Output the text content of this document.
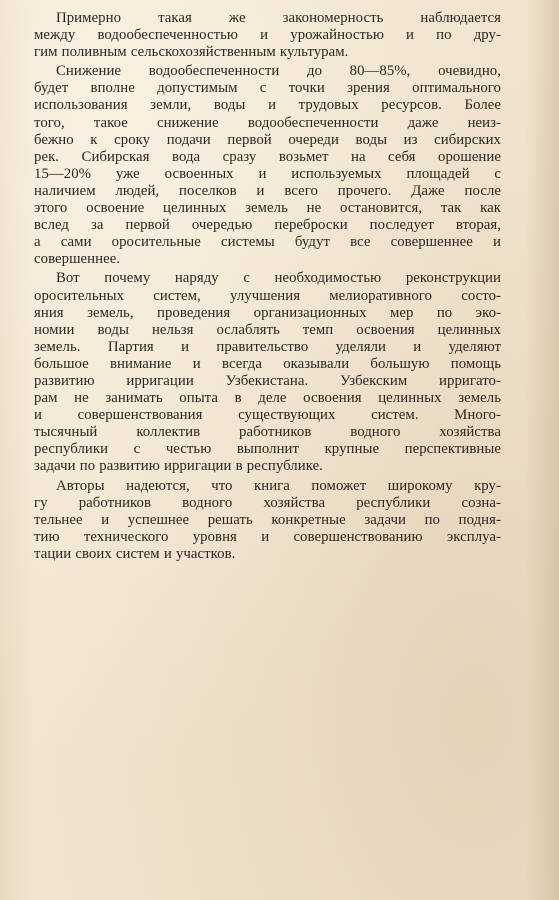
Примерно такая же закономерность наблюдается
между водообеспеченностью и урожайностью и по дру-
гим поливным сельскохозяйственным культурам.

Снижение водообеспеченности до 80—85%, очевидно,
будет вполне допустимым с точки зрения оптимального
использования земли, воды и трудовых ресурсов. Более
того, такое снижение водообеспеченности даже неиз-
бежно к сроку подачи первой очереди воды из сибирских
рек. Сибирская вода сразу возьмет на себя орошение
15—20% уже освоенных и используемых площадей с
наличием людей, поселков и всего прочего. Даже после
этого освоение целинных земель не остановится, так как
вслед за первой очередью переброски последует вторая,
а сами оросительные системы будут все совершеннее и
совершеннее.

Вот почему наряду с необходимостью реконструкции
оросительных систем, улучшения мелиоративного состо-
яния земель, проведения организационных мер по эко-
номии воды нельзя ослаблять темп освоения целинных
земель. Партия и правительство уделяли и уделяют
большое внимание и всегда оказывали большую помощь
развитию ирригации Узбекистана. Узбекским ирригато-
рам не занимать опыта в деле освоения целинных земель
и совершенствования существующих систем. Много-
тысячный коллектив работников водного хозяйства
республики с честью выполнит крупные перспективные
задачи по развитию ирригации в республике.

Авторы надеются, что книга поможет широкому кру-
гу работников водного хозяйства республики созна-
тельнее и успешнее решать конкретные задачи по подня-
тию технического уровня и совершенствованию эксплуа-
тации своих систем и участков.
